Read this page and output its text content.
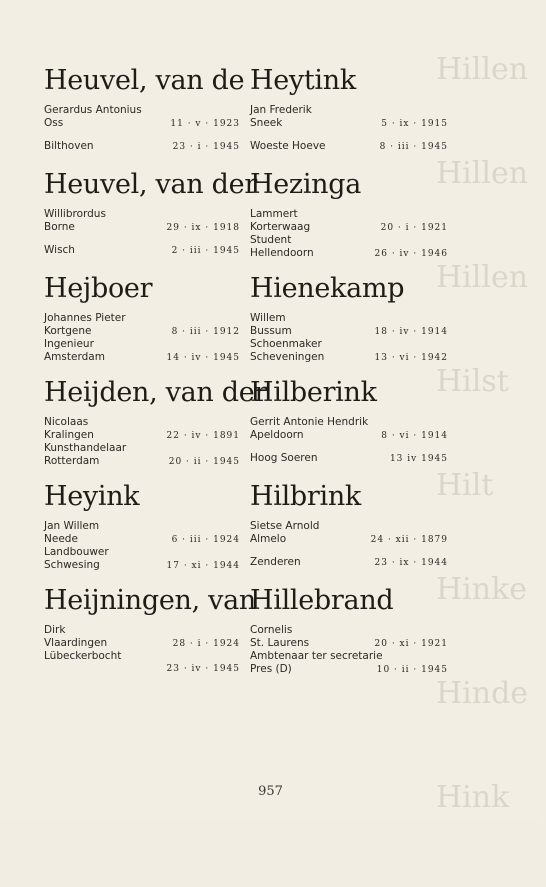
Hillen
Hillen
Hillen
Hilst
Hilt
Hinke
Hinde
Hink
Heuvel, van de
Gerardus Antonius
Oss	11 · v · 1923
Bilthoven	23 · i · 1945
Heuvel, van der
Willibrordus
Borne	29 · ix · 1918
Wisch	2 · iii · 1945
Hejboer
Johannes Pieter
Kortgene	8 · iii · 1912
Ingenieur
Amsterdam	14 · iv · 1945
Heijden, van der
Nicolaas
Kralingen	22 · iv · 1891
Kunsthandelaar
Rotterdam	20 · ii · 1945
Heyink
Jan Willem
Neede	6 · iii · 1924
Landbouwer
Schwesing	17 · xi · 1944
Heijningen, van
Dirk
Vlaardingen	28 · i · 1924
Lübeckerbocht
23 · iv · 1945
Heytink
Jan Frederik
Sneek	5 · ix · 1915
Woeste Hoeve	8 · iii · 1945
Hezinga
Lammert
Korterwaag	20 · i · 1921
Student
Hellendoorn	26 · iv · 1946
Hienekamp
Willem
Bussum	18 · iv · 1914
Schoenmaker
Scheveningen	13 · vi · 1942
Hilberink
Gerrit Antonie Hendrik
Apeldoorn	8 · vi · 1914
Hoog Soeren	13 iv 1945
Hilbrink
Sietse Arnold
Almelo	24 · xii · 1879
Zenderen	23 · ix · 1944
Hillebrand
Cornelis
St. Laurens	20 · xi · 1921
Ambtenaar ter secretarie
Pres (D)	10 · ii · 1945
957
